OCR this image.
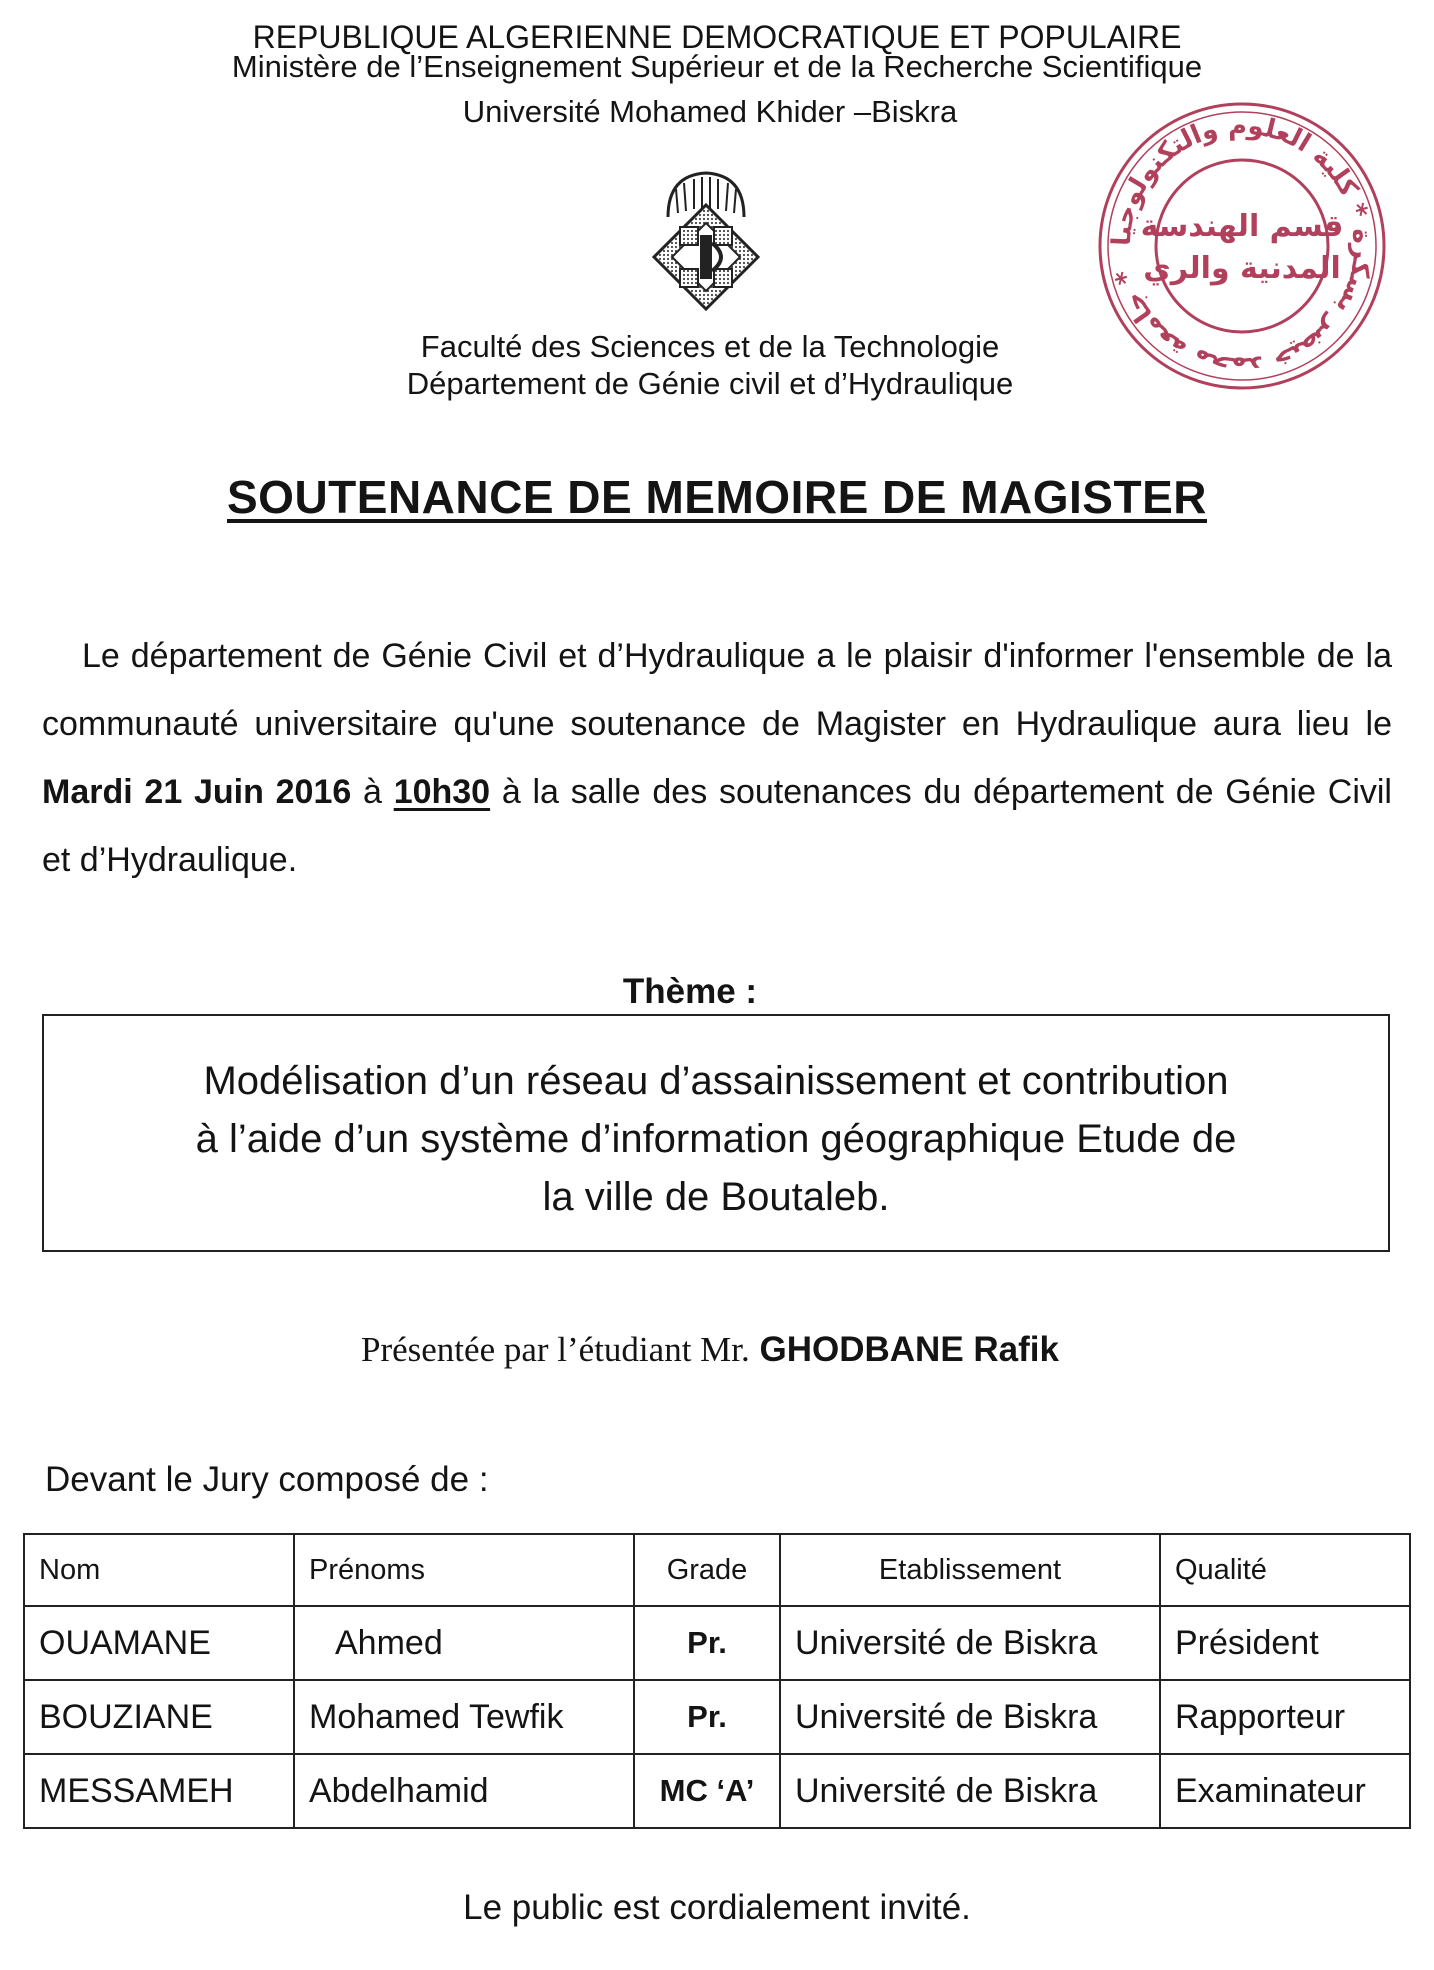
REPUBLIQUE ALGERIENNE DEMOCRATIQUE ET POPULAIRE
Ministère de l’Enseignement Supérieur et de la Recherche Scientifique
Université Mohamed Khider –Biskra
جامعة محمد خيضر بسكرة * كلية العلوم والتكنولوجيا *
قسم الهندسة
المدنية والري
Faculté des Sciences et de la Technologie
Département de Génie civil et d’Hydraulique
SOUTENANCE DE MEMOIRE DE MAGISTER
Le département de Génie Civil et d’Hydraulique a le plaisir d'informer l'ensemble de la communauté universitaire qu'une soutenance de Magister en Hydraulique aura lieu le Mardi 21 Juin 2016 à 10h30 à la salle des soutenances du département de Génie Civil et d’Hydraulique.
Thème :
Modélisation d’un réseau d’assainissement et contribution
à l’aide d’un système d’information géographique Etude de
la ville de Boutaleb.
Présentée par l’étudiant Mr. GHODBANE Rafik
Devant le Jury composé de :
Nom	Prénoms	Grade	Etablissement	Qualité
OUAMANE	Ahmed	Pr.	Université de Biskra	Président
BOUZIANE	Mohamed Tewfik	Pr.	Université de Biskra	Rapporteur
MESSAMEH	Abdelhamid	MC ‘A’	Université de Biskra	Examinateur
Le public est cordialement invité.
